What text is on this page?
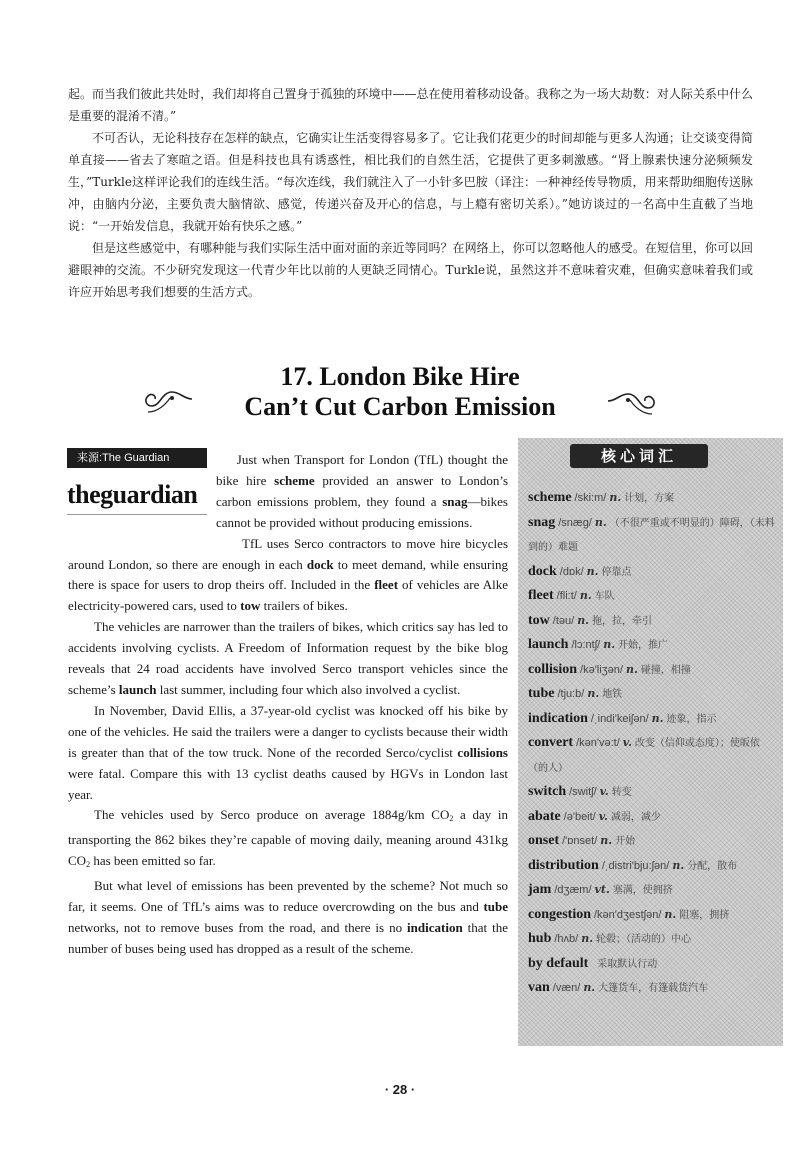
起。而当我们彼此共处时，我们却将自己置身于孤独的环境中——总在使用着移动设备。我称之为一场大劫数：对人际关系中什么是重要的混淆不清。”

不可否认，无论科技存在怎样的缺点，它确实让生活变得容易多了。它让我们花更少的时间却能与更多人沟通；让交谈变得简单直接——省去了寒暄之语。但是科技也具有诱惑性，相比我们的自然生活，它提供了更多刺激感。“肾上腺素快速分泌频频发生，”Turkle这样评论我们的连线生活。“每次连线，我们就注入了一小针多巴胺（译注：一种神经传导物质，用来帮助细胞传送脉冲，由脑内分泌，主要负责大脑情欲、感觉，传递兴奋及开心的信息，与上瘾有密切关系）。”她访谈过的一名高中生直截了当地说：“一开始发信息，我就开始有快乐之感。”

但是这些感觉中，有哪种能与我们实际生活中面对面的亲近等同吗？在网络上，你可以忽略他人的感受。在短信里，你可以回避眼神的交流。不少研究发现这一代青少年比以前的人更缺乏同情心。Turkle说，虽然这并不意味着灾难，但确实意味着我们或许应开始思考我们想要的生活方式。

17. London Bike Hire
Can’t Cut Carbon Emission
来源:The Guardian
theguardian

Just when Transport for London (TfL) thought the bike hire scheme provided an answer to London’s carbon emissions problem, they found a snag—bikes cannot be provided without producing emissions.

TfL uses Serco contractors to move hire bicycles around London, so there are enough in each dock to meet demand, while ensuring there is space for users to drop theirs off. Included in the fleet of vehicles are Alke electricity-powered cars, used to tow trailers of bikes.

The vehicles are narrower than the trailers of bikes, which critics say has led to accidents involving cyclists. A Freedom of Information request by the bike blog reveals that 24 road accidents have involved Serco transport vehicles since the scheme’s launch last summer, including four which also involved a cyclist.

In November, David Ellis, a 37-year-old cyclist was knocked off his bike by one of the vehicles. He said the trailers were a danger to cyclists because their width is greater than that of the tow truck. None of the recorded Serco/cyclist collisions were fatal. Compare this with 13 cyclist deaths caused by HGVs in London last year.

The vehicles used by Serco produce on average 1884g/km $CO_2$ a day in transporting the 862 bikes they’re capable of moving daily, meaning around 431kg $CO_2$ has been emitted so far.

But what level of emissions has been prevented by the scheme? Not much so far, it seems. One of TfL’s aims was to reduce overcrowding on the bus and tube networks, not to remove buses from the road, and there is no indication that the number of buses being used has dropped as a result of the scheme.

核心词汇
scheme /ski:m/ n. 计划，方案
snag /snæg/ n. （不很严重或不明显的）障碍，（未料到的）难题
dock /dɒk/ n. 停靠点
fleet /fli:t/ n. 车队
tow /təu/ n. 拖，拉，牵引
launch /lɔ:ntʃ/ n. 开始，推广
collision /kə'liʒən/ n. 碰撞，相撞
tube /tju:b/ n. 地铁
indication /ˌindi'keiʃən/ n. 迹象，指示
convert /kən'və:t/ v. 改变（信仰或态度）；使皈依（的人）
switch /switʃ/ v. 转变
abate /ə'beit/ v. 减弱，减少
onset /'ɒnset/ n. 开始
distribution /ˌdistri'bju:ʃən/ n. 分配，散布
jam /dʒæm/ vt. 塞满，使拥挤
congestion /kən'dʒestʃən/ n. 阻塞，拥挤
hub /hʌb/ n. 轮毂；（活动的）中心
by default 采取默认行动
van /væn/ n. 大篷货车，有篷载货汽车
· 28 ·
